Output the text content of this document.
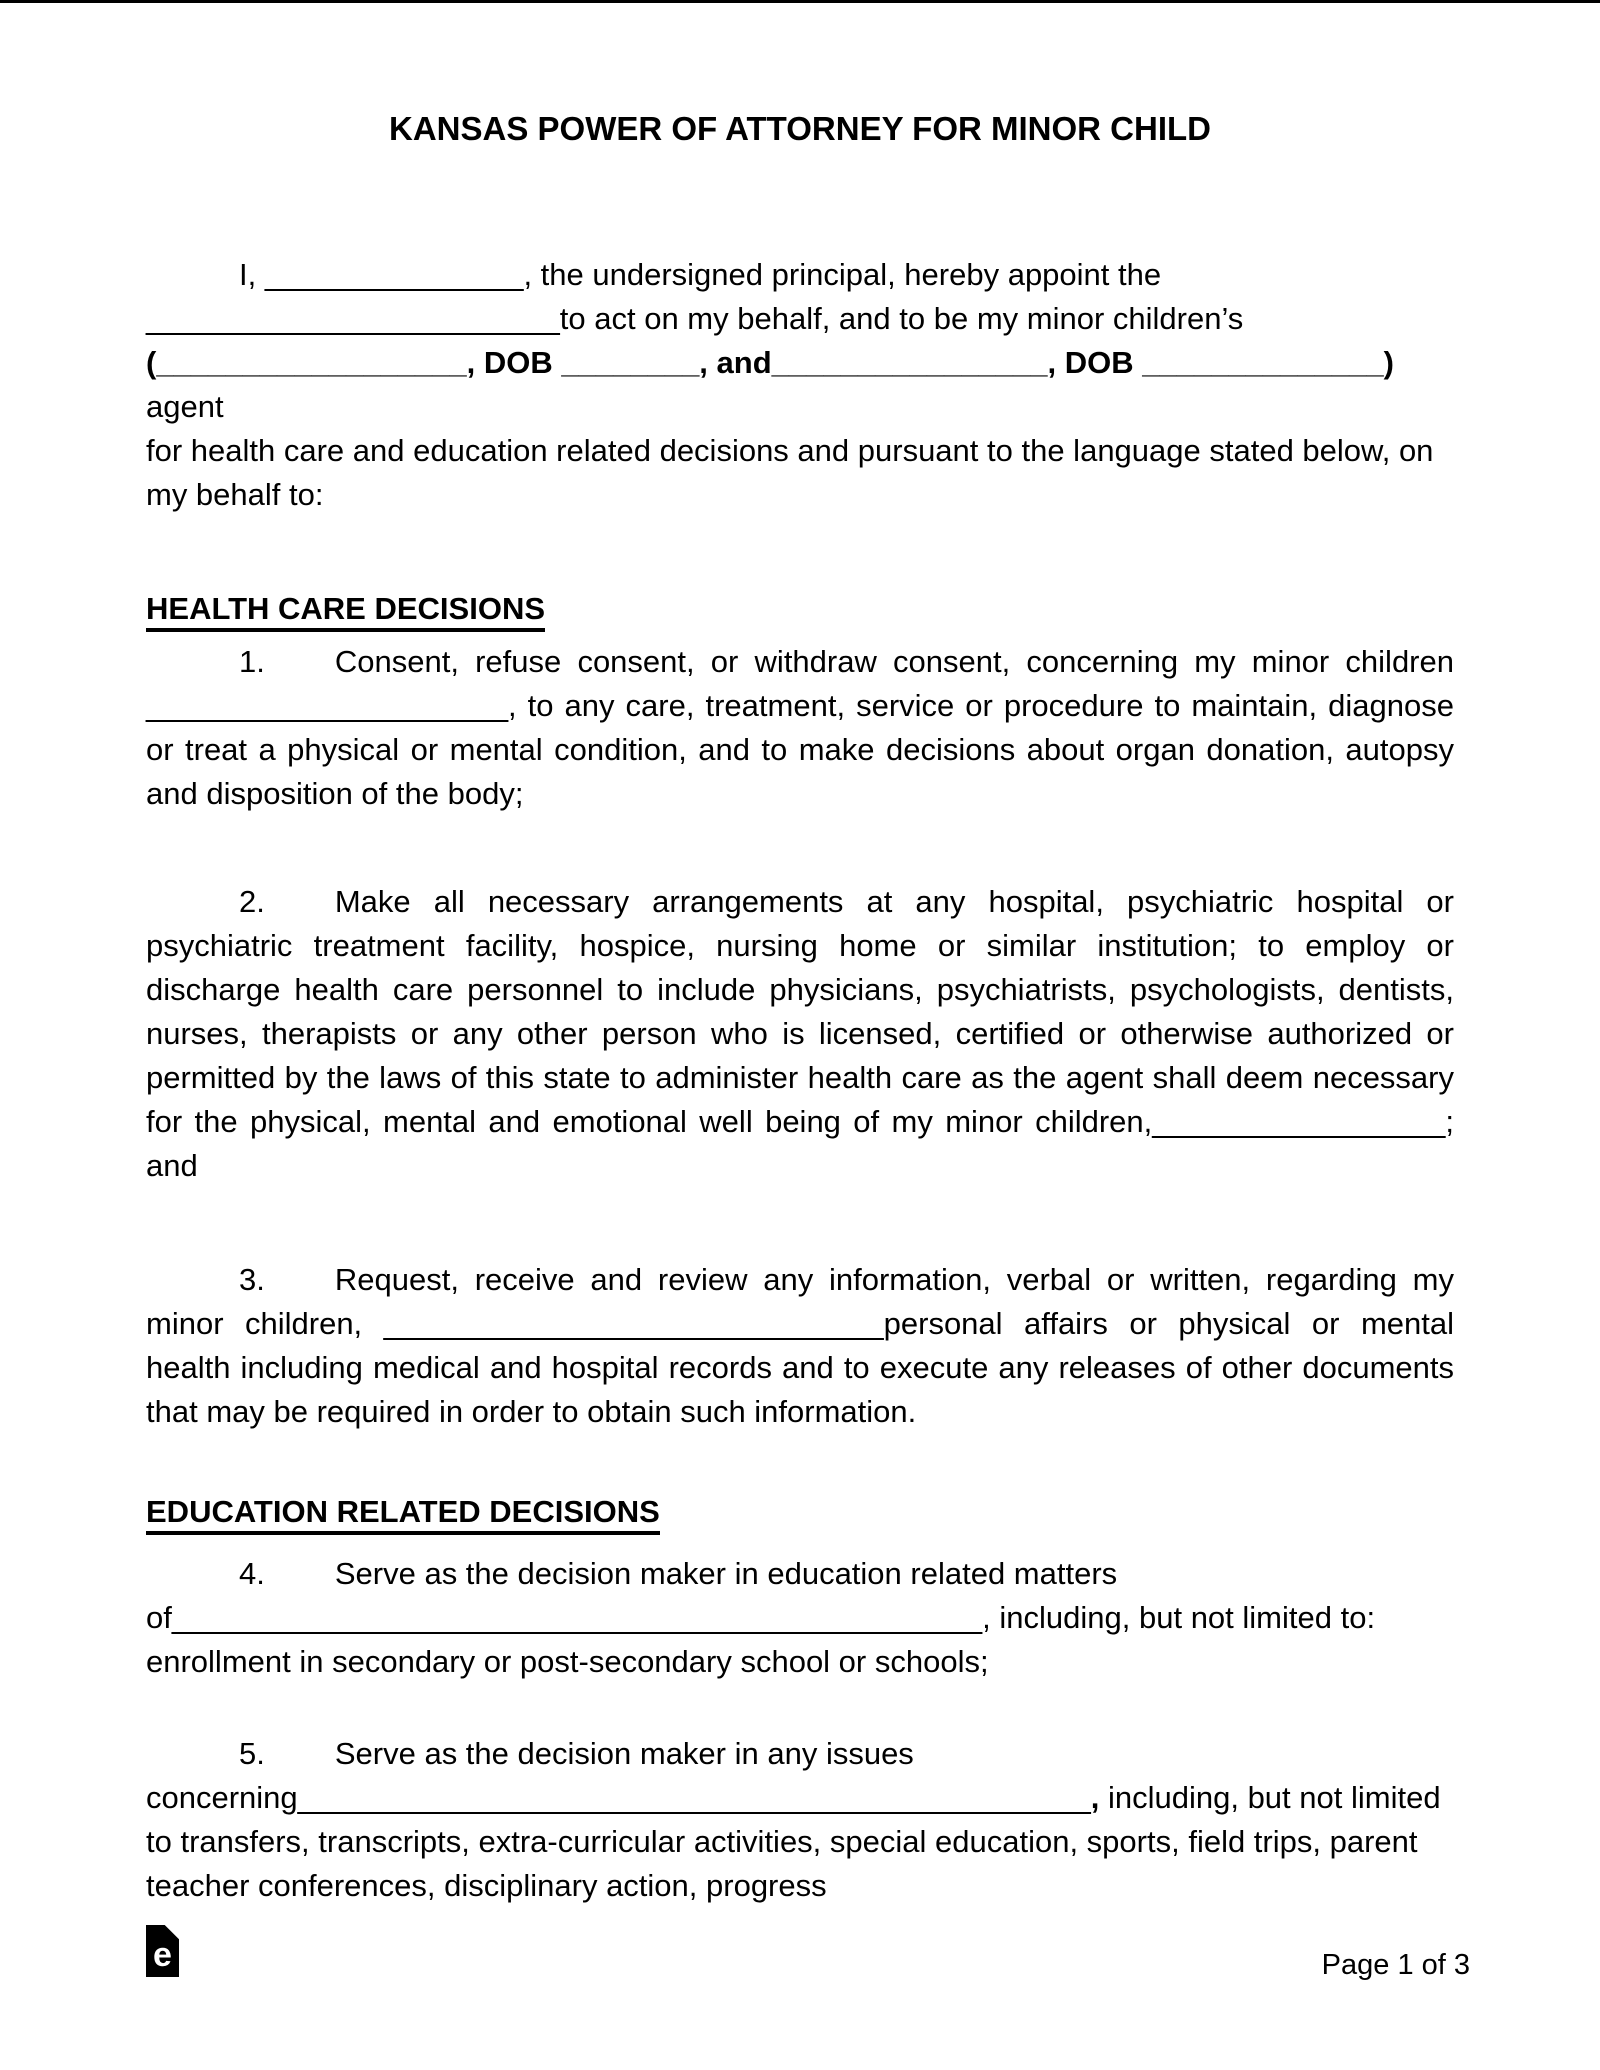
KANSAS POWER OF ATTORNEY FOR MINOR CHILD

I, _______________, the undersigned principal, hereby appoint the
________________________to act on my behalf, and to be my minor children’s
(__________________, DOB ________, and________________, DOB ______________) agent
for health care and education related decisions and pursuant to the language stated below, on my behalf to:

HEALTH CARE DECISIONS

1. Consent, refuse consent, or withdraw consent, concerning my minor children _____________________, to any care, treatment, service or procedure to maintain, diagnose or treat a physical or mental condition, and to make decisions about organ donation, autopsy and disposition of the body;

2. Make all necessary arrangements at any hospital, psychiatric hospital or psychiatric treatment facility, hospice, nursing home or similar institution; to employ or discharge health care personnel to include physicians, psychiatrists, psychologists, dentists, nurses, therapists or any other person who is licensed, certified or otherwise authorized or permitted by the laws of this state to administer health care as the agent shall deem necessary for the physical, mental and emotional well being of my minor children,_________________; and

3. Request, receive and review any information, verbal or written, regarding my minor children, _____________________________personal affairs or physical or mental health including medical and hospital records and to execute any releases of other documents that may be required in order to obtain such information.

EDUCATION RELATED DECISIONS

4. Serve as the decision maker in education related matters of_______________________________________________, including, but not limited to: enrollment in secondary or post-secondary school or schools;

5. Serve as the decision maker in any issues concerning______________________________________________, including, but not limited to transfers, transcripts, extra-curricular activities, special education, sports, field trips, parent teacher conferences, disciplinary action, progress

e	Page 1 of 3
